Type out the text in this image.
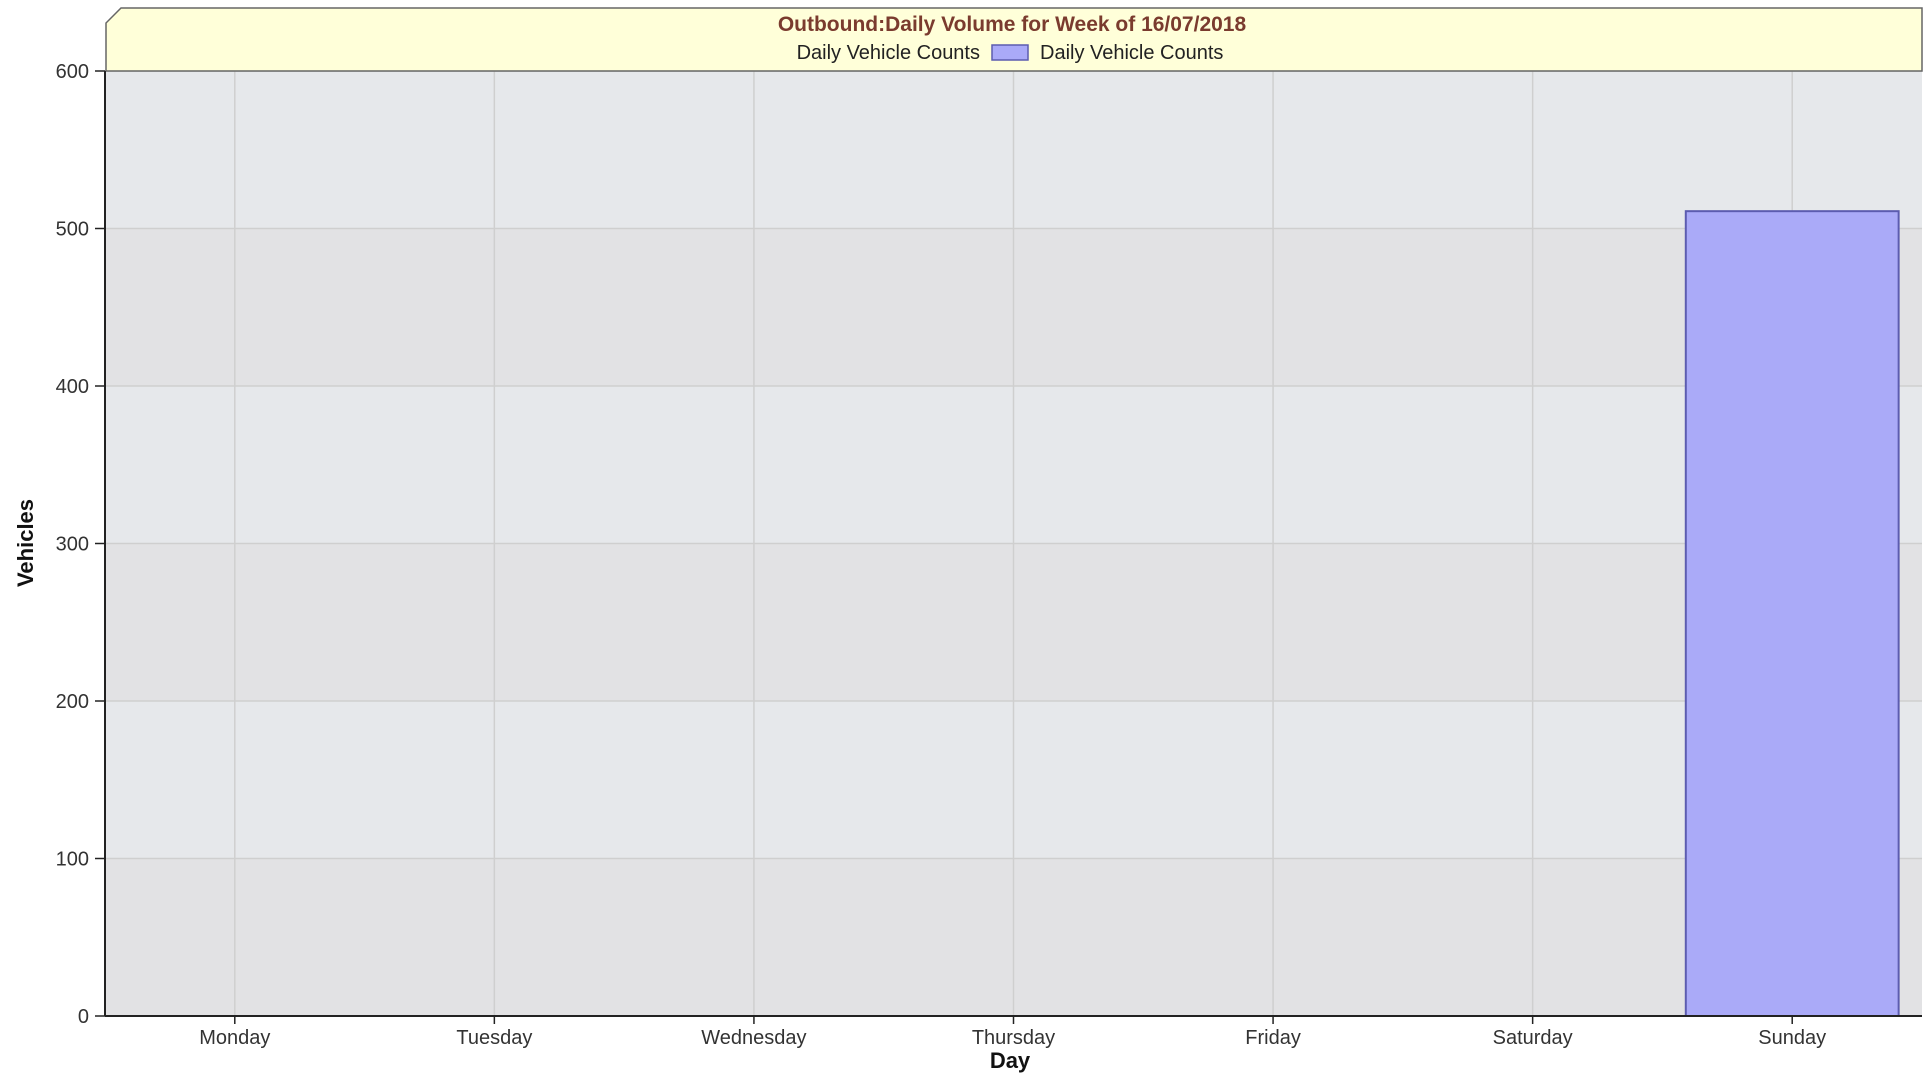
Outbound:Daily Volume for Week of 16/07/2018
Daily Vehicle Counts	Daily Vehicle Counts
0
100
200
300
400
500
600
Monday	Tuesday	Wednesday	Thursday	Friday	Saturday	Sunday
Day
Vehicles
